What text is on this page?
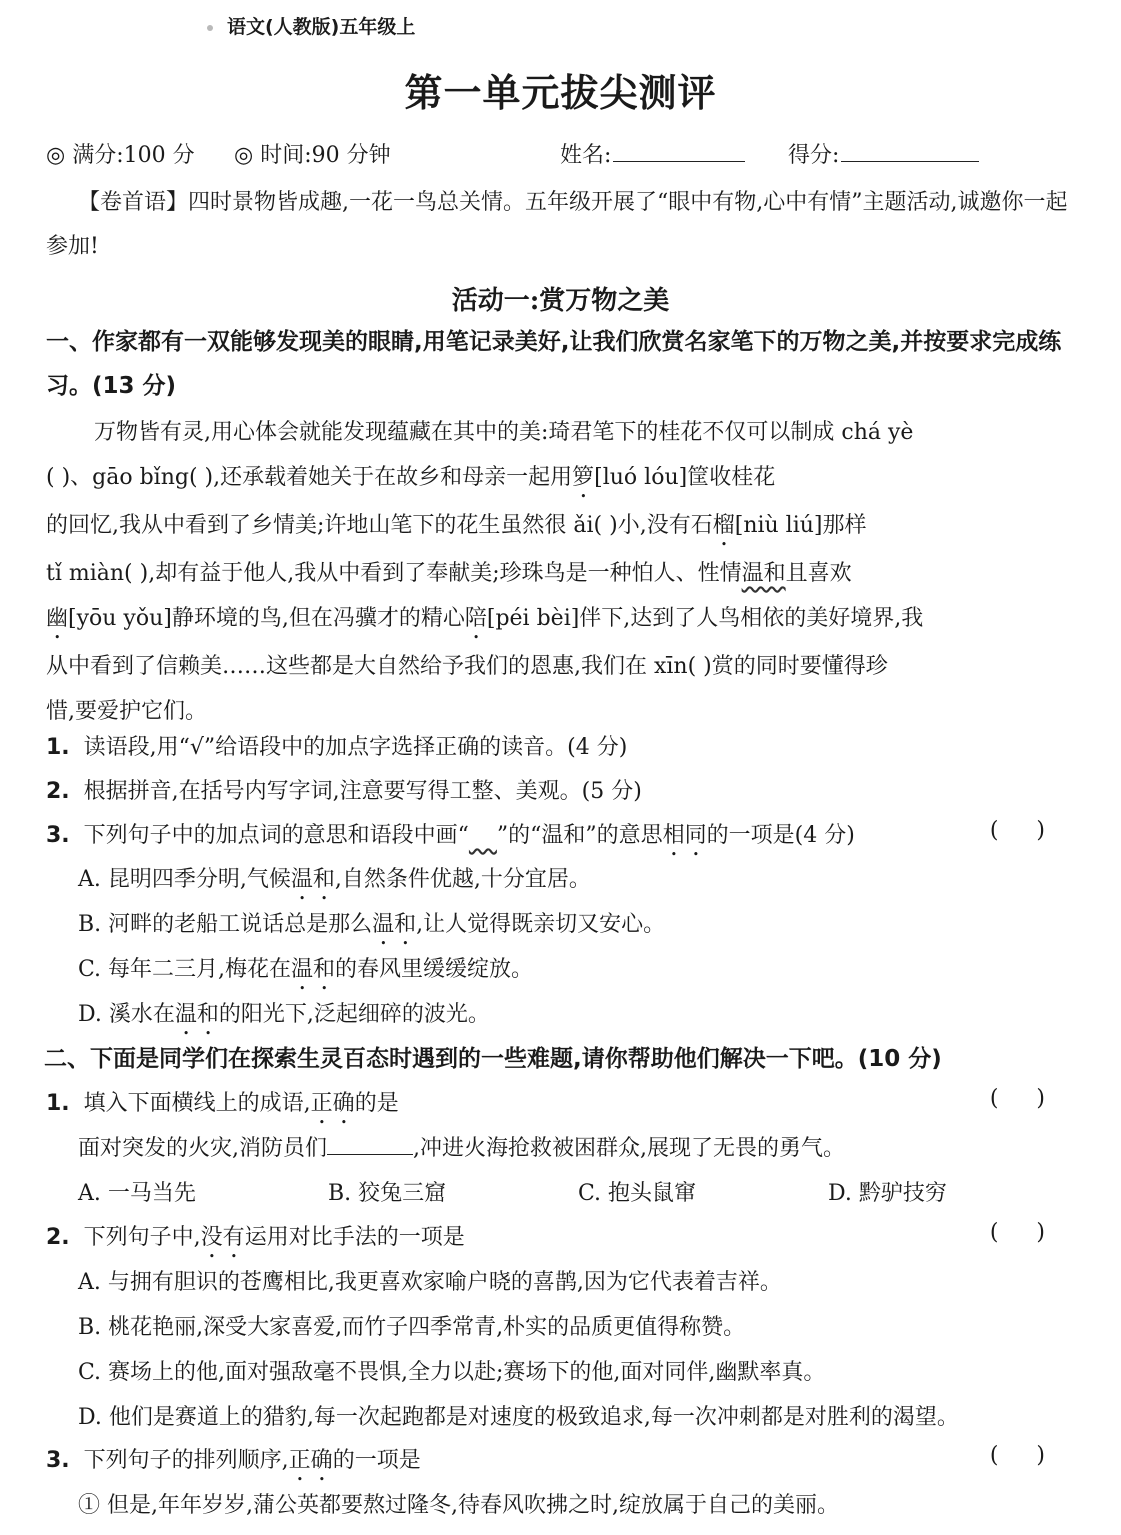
语文(人教版)五年级上
第一单元拔尖测评
◎ 满分:100 分 ◎ 时间:90 分钟	姓名:	得分:
【卷首语】四时景物皆成趣,一花一鸟总关情。五年级开展了“眼中有物,心中有情”主题活动,诚邀你一起参加!
活动一:赏万物之美
一、作家都有一双能够发现美的眼睛,用笔记录美好,让我们欣赏名家笔下的万物之美,并按要求完成练习。(13 分)
万物皆有灵,用心体会就能发现蕴藏在其中的美:琦君笔下的桂花不仅可以制成 chá yè
( )、gāo bǐng( ),还承载着她关于在故乡和母亲一起用箩[luó lóu]筐收桂花
的回忆,我从中看到了乡情美;许地山笔下的花生虽然很 ǎi( )小,没有石榴[niù liú]那样
tǐ miàn( ),却有益于他人,我从中看到了奉献美;珍珠鸟是一种怕人、性情温和且喜欢
幽[yōu yǒu]静环境的鸟,但在冯骥才的精心陪[péi bèi]伴下,达到了人鸟相依的美好境界,我
从中看到了信赖美……这些都是大自然给予我们的恩惠,我们在 xīn( )赏的同时要懂得珍
惜,要爱护它们。
1. 读语段,用“√”给语段中的加点字选择正确的读音。(4 分)
2. 根据拼音,在括号内写字词,注意要写得工整、美观。(5 分)
3. 下列句子中的加点词的意思和语段中画“ ”的“温和”的意思相同的一项是(4 分)	()
A. 昆明四季分明,气候温和,自然条件优越,十分宜居。
B. 河畔的老船工说话总是那么温和,让人觉得既亲切又安心。
C. 每年二三月,梅花在温和的春风里缓缓绽放。
D. 溪水在温和的阳光下,泛起细碎的波光。
二、下面是同学们在探索生灵百态时遇到的一些难题,请你帮助他们解决一下吧。(10 分)
1. 填入下面横线上的成语,正确的是	()
面对突发的火灾,消防员们	,冲进火海抢救被困群众,展现了无畏的勇气。
A. 一马当先	B. 狡兔三窟	C. 抱头鼠窜	D. 黔驴技穷
2. 下列句子中,没有运用对比手法的一项是	()
A. 与拥有胆识的苍鹰相比,我更喜欢家喻户晓的喜鹊,因为它代表着吉祥。
B. 桃花艳丽,深受大家喜爱,而竹子四季常青,朴实的品质更值得称赞。
C. 赛场上的他,面对强敌毫不畏惧,全力以赴;赛场下的他,面对同伴,幽默率真。
D. 他们是赛道上的猎豹,每一次起跑都是对速度的极致追求,每一次冲刺都是对胜利的渴望。
3. 下列句子的排列顺序,正确的一项是	()
① 但是,年年岁岁,蒲公英都要熬过隆冬,待春风吹拂之时,绽放属于自己的美丽。
